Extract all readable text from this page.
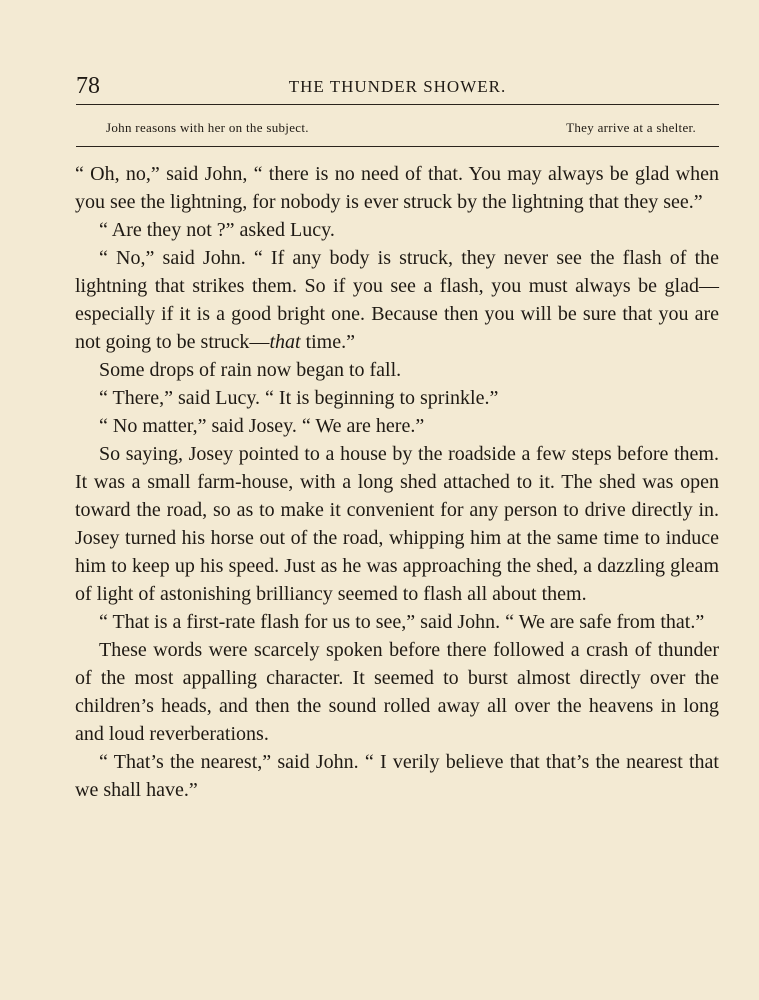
78	THE THUNDER SHOWER.
John reasons with her on the subject.	They arrive at a shelter.

“ Oh, no,” said John, “ there is no need of that. You may always be glad when you see the lightning, for nobody is ever struck by the lightning that they see.”

“ Are they not ?” asked Lucy.

“ No,” said John. “ If any body is struck, they never see the flash of the lightning that strikes them. So if you see a flash, you must always be glad—especially if it is a good bright one. Because then you will be sure that you are not going to be struck—that time.”

Some drops of rain now began to fall.

“ There,” said Lucy. “ It is beginning to sprinkle.”

“ No matter,” said Josey. “ We are here.”

So saying, Josey pointed to a house by the roadside a few steps before them. It was a small farm-house, with a long shed attached to it. The shed was open toward the road, so as to make it convenient for any person to drive directly in. Josey turned his horse out of the road, whipping him at the same time to induce him to keep up his speed. Just as he was approaching the shed, a dazzling gleam of light of astonishing brilliancy seemed to flash all about them.

“ That is a first-rate flash for us to see,” said John. “ We are safe from that.”

These words were scarcely spoken before there followed a crash of thunder of the most appalling character. It seemed to burst almost directly over the children’s heads, and then the sound rolled away all over the heavens in long and loud reverberations.

“ That’s the nearest,” said John. “ I verily believe that that’s the nearest that we shall have.”
